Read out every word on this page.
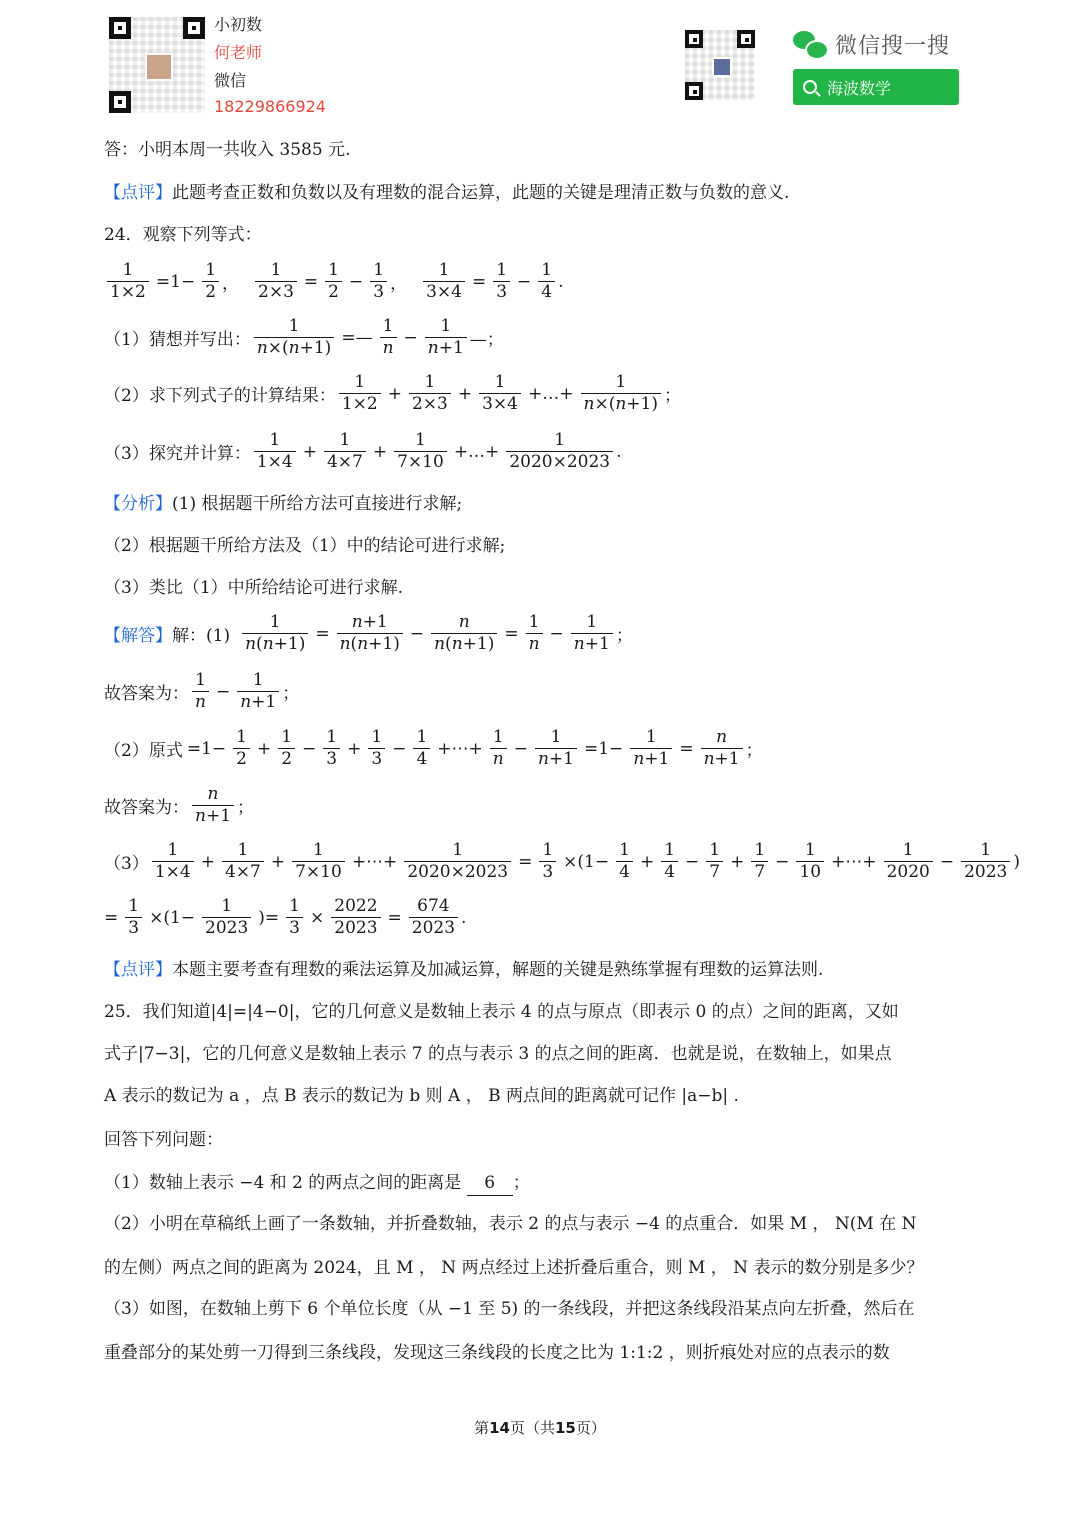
小初数
何老师
微信
18229866924
微信搜一搜
海波数学
答：小明本周一共收入 3585 元.
【点评】此题考查正数和负数以及有理数的混合运算，此题的关键是理清正数与负数的意义.
24．观察下列等式：
$\frac{1}{1\times 2} =1- \frac{1}{2}$ ， $\frac{1}{2\times 3} = \frac{1}{2} - \frac{1}{3}$ ， $\frac{1}{3\times 4} = \frac{1}{3} - \frac{1}{4}$ .
（1）猜想并写出： $\frac{1}{n\times(n+1)}$ =— $\frac{1}{n} - \frac{1}{n+1}$ —；
（2）求下列式子的计算结果： $\frac{1}{1\times 2} + \frac{1}{2\times 3} + \frac{1}{3\times 4}$ +…+ $\frac{1}{n\times(n+1)}$ ；
（3）探究并计算： $\frac{1}{1\times 4} + \frac{1}{4\times 7} + \frac{1}{7\times 10}$ +…+ $\frac{1}{2020\times 2023}$ .
【分析】(1) 根据题干所给方法可直接进行求解;
（2）根据题干所给方法及（1）中的结论可进行求解;
（3）类比（1）中所给结论可进行求解.
【解答】 解：$(1) \frac{1}{n(n+1)} = \frac{n+1}{n(n+1)} - \frac{n}{n(n+1)} = \frac{1}{n} - \frac{1}{n+1}$ ；
故答案为： $\frac{1}{n} - \frac{1}{n+1}$ ；
（2）原式 $=1- \frac{1}{2} + \frac{1}{2} - \frac{1}{3} + \frac{1}{3} - \frac{1}{4}$ +⋯+ $\frac{1}{n} - \frac{1}{n+1} =1- \frac{1}{n+1} = \frac{n}{n+1}$ ；
故答案为： $\frac{n}{n+1}$ ；
$(3) \frac{1}{1\times 4} + \frac{1}{4\times 7} + \frac{1}{7\times 10}$ +⋯+ $\frac{1}{2020\times 2023} = \frac{1}{3} \times(1- \frac{1}{4} + \frac{1}{4} - \frac{1}{7} + \frac{1}{7} - \frac{1}{10}$ +⋯+ $\frac{1}{2020} - \frac{1}{2023}$ )
= $\frac{1}{3} \times(1- \frac{1}{2023}$ )= $\frac{1}{3} \times \frac{2022}{2023} = \frac{674}{2023}$ .
【点评】本题主要考查有理数的乘法运算及加减运算，解题的关键是熟练掌握有理数的运算法则.
25．我们知道|4|=|4−0|，它的几何意义是数轴上表示 4 的点与原点（即表示 0 的点）之间的距离，又如
式子|7−3|，它的几何意义是数轴上表示 7 的点与表示 3 的点之间的距离．也就是说，在数轴上，如果点
A 表示的数记为 a ，点 B 表示的数记为 b 则 A ， B 两点间的距离就可记作 |a−b| .
回答下列问题：
（1）数轴上表示 −4 和 2 的两点之间的距离是 6 ；
（2）小明在草稿纸上画了一条数轴，并折叠数轴，表示 2 的点与表示 −4 的点重合．如果 M ， N(M 在 N
的左侧）两点之间的距离为 2024，且 M ， N 两点经过上述折叠后重合，则 M ， N 表示的数分别是多少？
（3）如图，在数轴上剪下 6 个单位长度（从 −1 至 5) 的一条线段，并把这条线段沿某点向左折叠，然后在
重叠部分的某处剪一刀得到三条线段，发现这三条线段的长度之比为 1:1:2 ，则折痕处对应的点表示的数
第14页（共15页）
